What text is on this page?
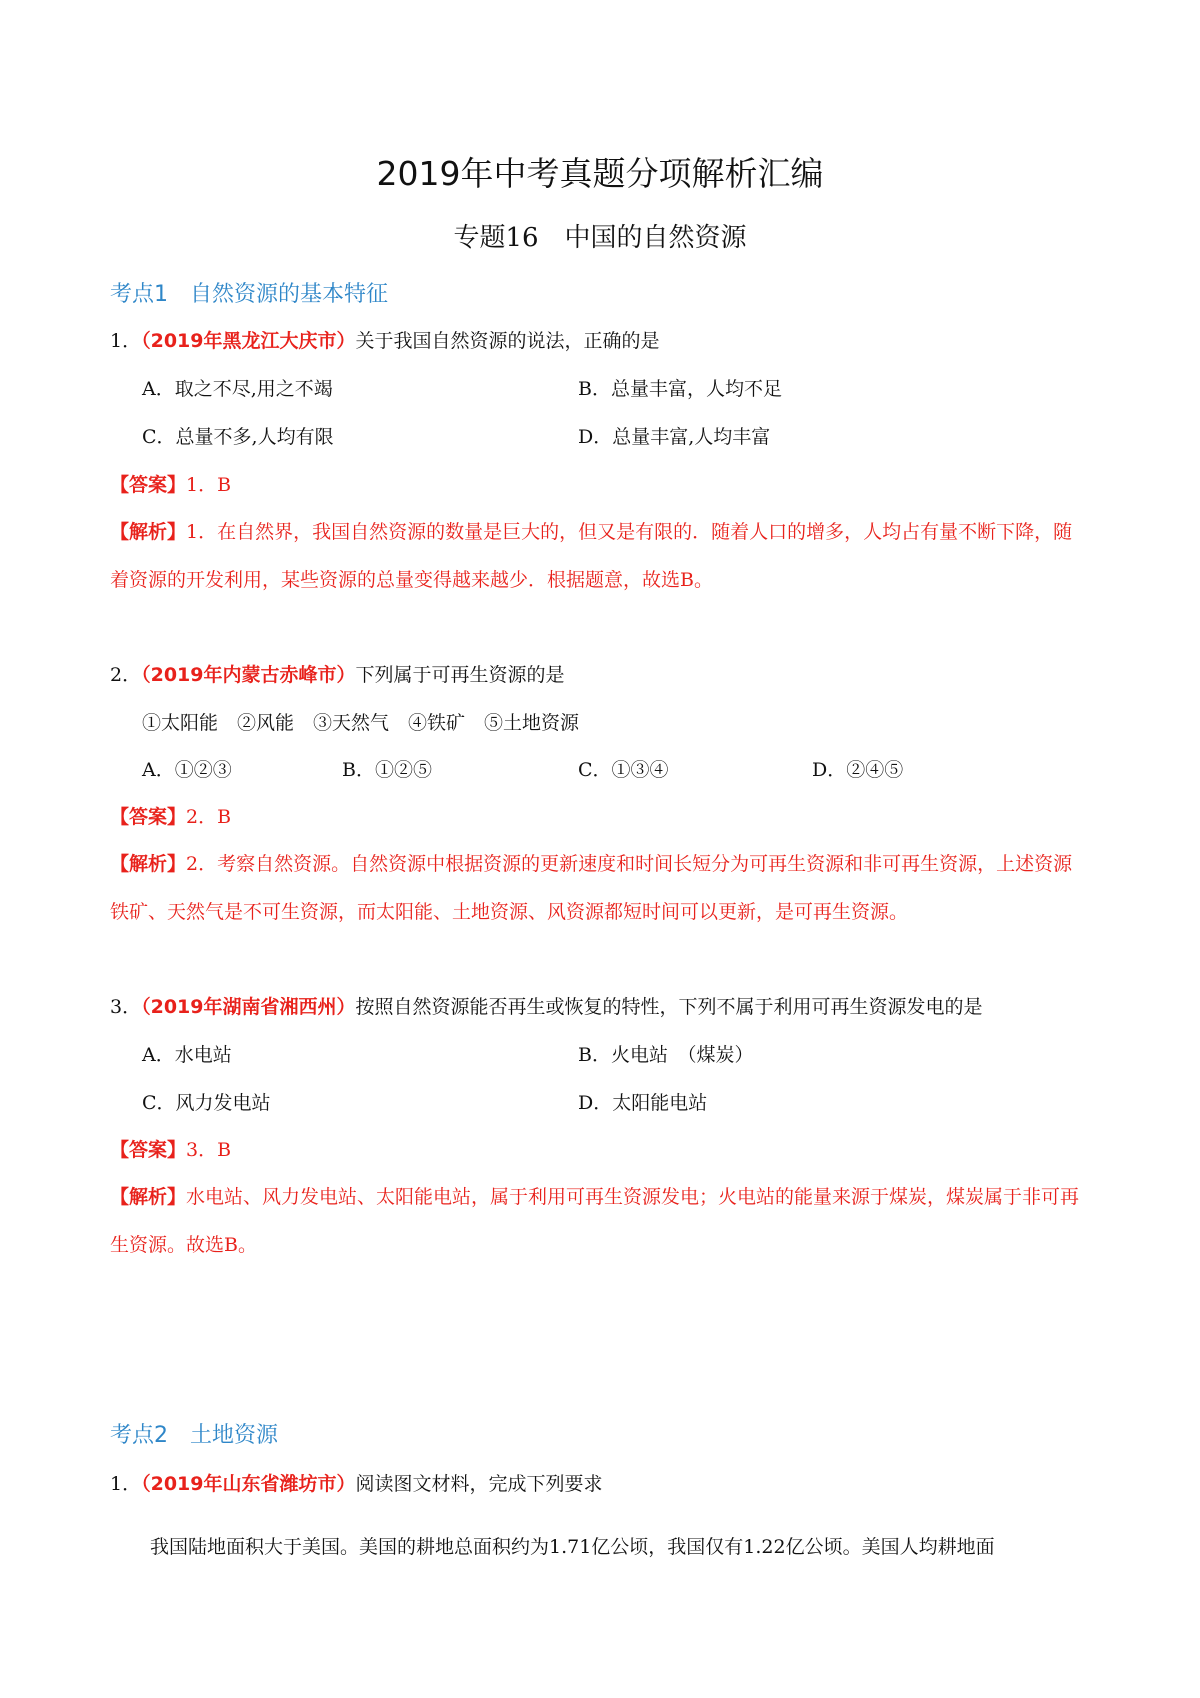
2019年中考真题分项解析汇编
专题16　中国的自然资源
考点1　自然资源的基本特征
1．（2019年黑龙江大庆市）关于我国自然资源的说法，正确的是
A．取之不尽,用之不竭	B．总量丰富，人均不足
C．总量不多,人均有限	D．总量丰富,人均丰富
【答案】1．B
【解析】1．在自然界，我国自然资源的数量是巨大的，但又是有限的．随着人口的增多，人均占有量不断下降，随着资源的开发利用，某些资源的总量变得越来越少．根据题意，故选B。
2．（2019年内蒙古赤峰市）下列属于可再生资源的是
①太阳能　②风能　③天然气　④铁矿　⑤土地资源
A．①②③	B．①②⑤	C．①③④	D．②④⑤
【答案】2．B
【解析】2．考察自然资源。自然资源中根据资源的更新速度和时间长短分为可再生资源和非可再生资源，上述资源铁矿、天然气是不可生资源，而太阳能、土地资源、风资源都短时间可以更新，是可再生资源。
3．（2019年湖南省湘西州）按照自然资源能否再生或恢复的特性，下列不属于利用可再生资源发电的是
A．水电站	B．火电站　（煤炭）
C．风力发电站	D．太阳能电站
【答案】3．B
【解析】水电站、风力发电站、太阳能电站，属于利用可再生资源发电；火电站的能量来源于煤炭，煤炭属于非可再生资源。故选B。
考点2　土地资源
1．（2019年山东省潍坊市）阅读图文材料，完成下列要求
我国陆地面积大于美国。美国的耕地总面积约为1.71亿公顷，我国仅有1.22亿公顷。美国人均耕地面
